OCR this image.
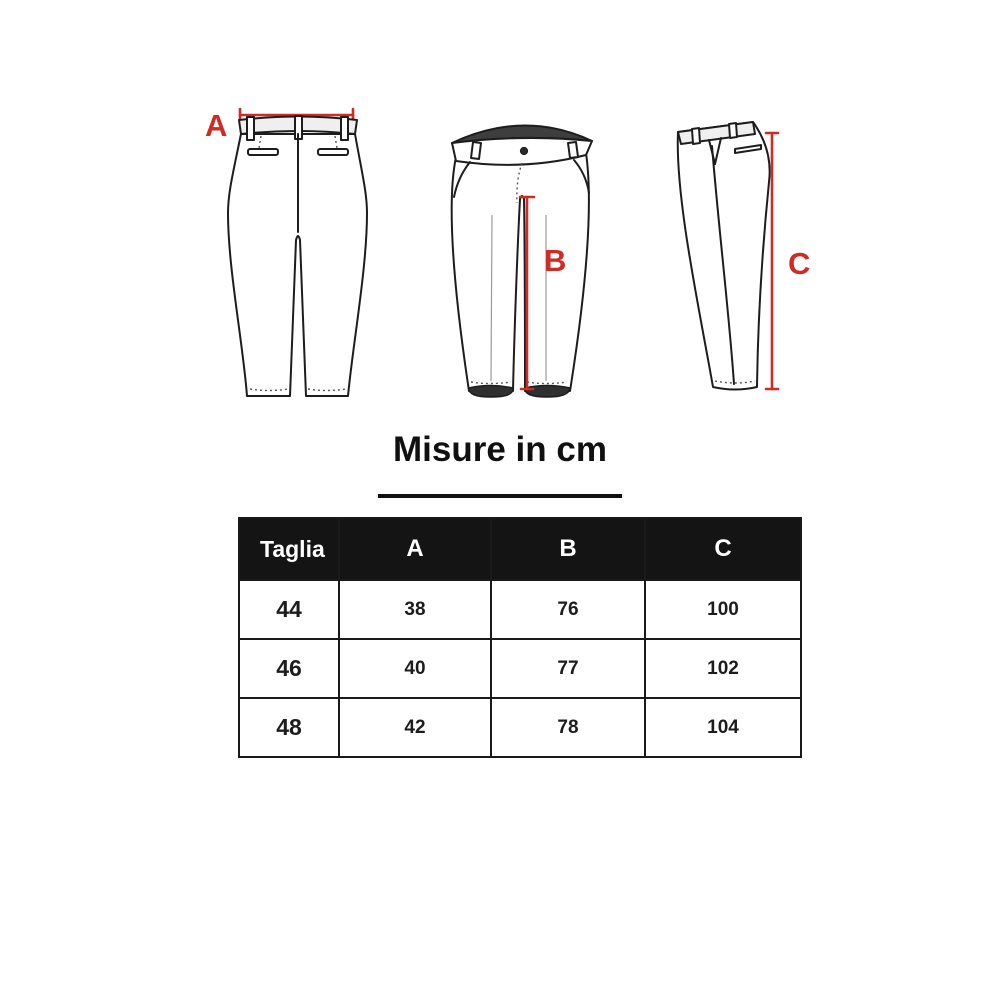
A
B	C
Misure in cm
Taglia	A	B	C
44	38	76	100
46	40	77	102
48	42	78	104
